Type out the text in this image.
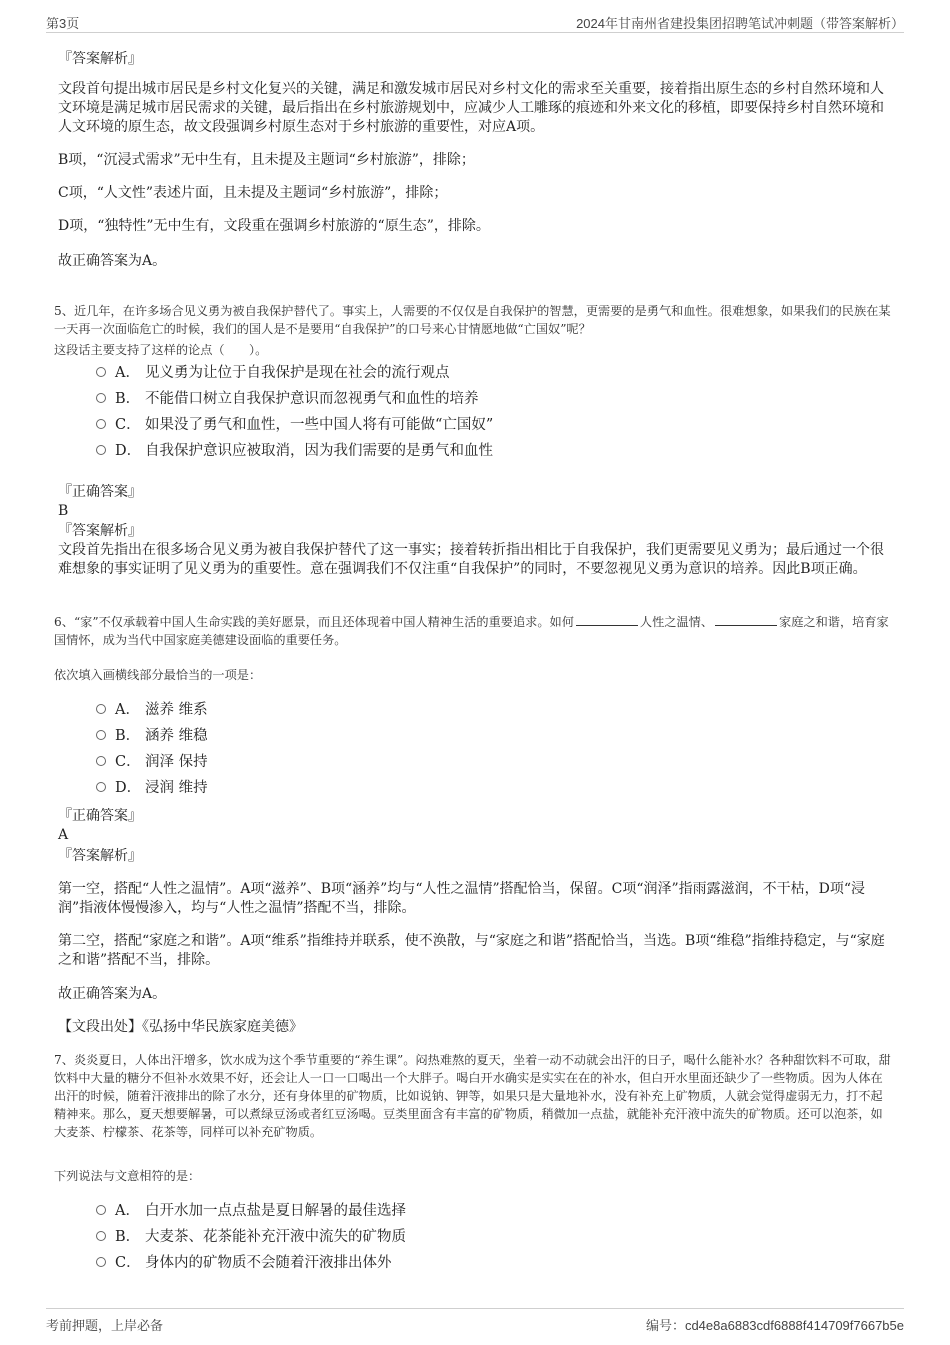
第3页	2024年甘南州省建投集团招聘笔试冲刺题（带答案解析）
『答案解析』
文段首句提出城市居民是乡村文化复兴的关键，满足和激发城市居民对乡村文化的需求至关重要，接着指出原生态的乡村自然环境和人文环境是满足城市居民需求的关键，最后指出在乡村旅游规划中，应减少人工雕琢的痕迹和外来文化的移植，即要保持乡村自然环境和人文环境的原生态，故文段强调乡村原生态对于乡村旅游的重要性，对应A项。
B项，“沉浸式需求”无中生有，且未提及主题词“乡村旅游”，排除；
C项，“人文性”表述片面，且未提及主题词“乡村旅游”，排除；
D项，“独特性”无中生有，文段重在强调乡村旅游的“原生态”，排除。
故正确答案为A。
5、近几年，在许多场合见义勇为被自我保护替代了。事实上，人需要的不仅仅是自我保护的智慧，更需要的是勇气和血性。很难想象，如果我们的民族在某一天再一次面临危亡的时候，我们的国人是不是要用“自我保护”的口号来心甘情愿地做“亡国奴”呢？
这段话主要支持了这样的论点（　　）。
A． 见义勇为让位于自我保护是现在社会的流行观点
B． 不能借口树立自我保护意识而忽视勇气和血性的培养
C． 如果没了勇气和血性，一些中国人将有可能做“亡国奴”
D． 自我保护意识应被取消，因为我们需要的是勇气和血性
『正确答案』
B
『答案解析』
文段首先指出在很多场合见义勇为被自我保护替代了这一事实；接着转折指出相比于自我保护，我们更需要见义勇为；最后通过一个很难想象的事实证明了见义勇为的重要性。意在强调我们不仅注重“自我保护”的同时，不要忽视见义勇为意识的培养。因此B项正确。
6、“家”不仅承载着中国人生命实践的美好愿景，而且还体现着中国人精神生活的重要追求。如何	人性之温情、	家庭之和谐，培育家国情怀，成为当代中国家庭美德建设面临的重要任务。
依次填入画横线部分最恰当的一项是：
A． 滋养 维系
B． 涵养 维稳
C． 润泽 保持
D． 浸润 维持
『正确答案』
A
『答案解析』
第一空，搭配“人性之温情”。A项“滋养”、B项“涵养”均与“人性之温情”搭配恰当，保留。C项“润泽”指雨露滋润，不干枯，D项“浸润”指液体慢慢渗入，均与“人性之温情”搭配不当，排除。
第二空，搭配“家庭之和谐”。A项“维系”指维持并联系，使不涣散，与“家庭之和谐”搭配恰当，当选。B项“维稳”指维持稳定，与“家庭之和谐”搭配不当，排除。
故正确答案为A。
【文段出处】《弘扬中华民族家庭美德》
7、炎炎夏日，人体出汗增多，饮水成为这个季节重要的“养生课”。闷热难熬的夏天，坐着一动不动就会出汗的日子，喝什么能补水？各种甜饮料不可取，甜饮料中大量的糖分不但补水效果不好，还会让人一口一口喝出一个大胖子。喝白开水确实是实实在在的补水，但白开水里面还缺少了一些物质。因为人体在出汗的时候，随着汗液排出的除了水分，还有身体里的矿物质，比如说钠、钾等，如果只是大量地补水，没有补充上矿物质，人就会觉得虚弱无力，打不起精神来。那么，夏天想要解暑，可以煮绿豆汤或者红豆汤喝。豆类里面含有丰富的矿物质，稍微加一点盐，就能补充汗液中流失的矿物质。还可以泡茶，如大麦茶、柠檬茶、花茶等，同样可以补充矿物质。
下列说法与文意相符的是：
A． 白开水加一点点盐是夏日解暑的最佳选择
B． 大麦茶、花茶能补充汗液中流失的矿物质
C． 身体内的矿物质不会随着汗液排出体外
考前押题，上岸必备	编号：cd4e8a6883cdf6888f414709f7667b5e
